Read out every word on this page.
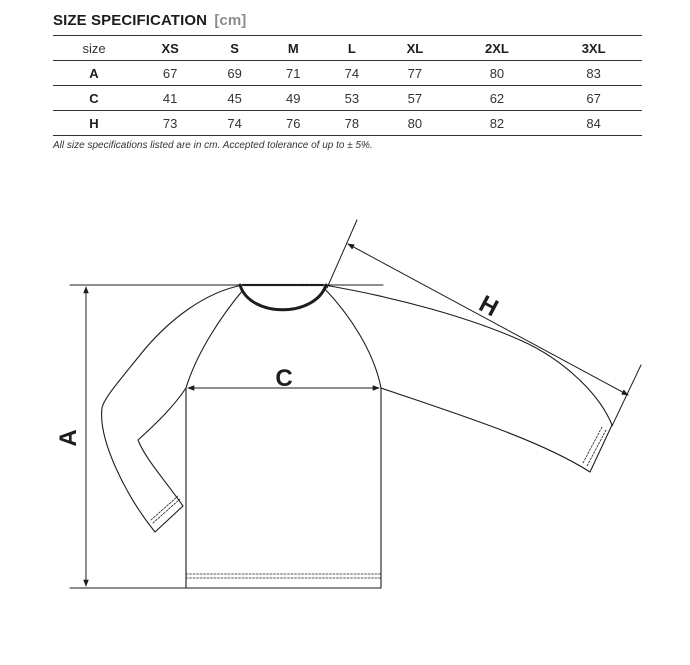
SIZE SPECIFICATION [cm]
size	XS	S	M	L	XL	2XL	3XL
A	67	69	71	74	77	80	83
C	41	45	49	53	57	62	67
H	73	74	76	78	80	82	84
All size specifications listed are in cm. Accepted tolerance of up to ± 5%.
A
C
H
